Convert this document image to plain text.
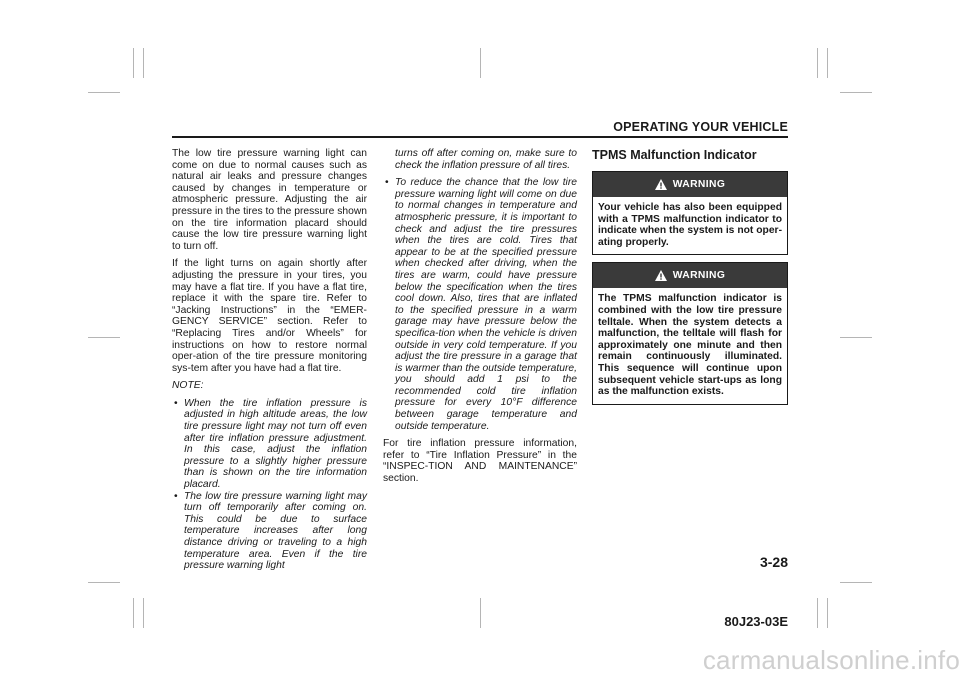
OPERATING YOUR VEHICLE

The low tire pressure warning light can come on due to normal causes such as natural air leaks and pressure changes caused by changes in temperature or atmospheric pressure. Adjusting the air pressure in the tires to the pressure shown on the tire information placard should cause the low tire pressure warning light to turn off.

If the light turns on again shortly after adjusting the pressure in your tires, you may have a flat tire. If you have a flat tire, replace it with the spare tire. Refer to “Jacking Instructions” in the “EMER-GENCY SERVICE” section. Refer to “Replacing Tires and/or Wheels” for instructions on how to restore normal oper-ation of the tire pressure monitoring sys-tem after you have had a flat tire.

NOTE:

• When the tire inflation pressure is adjusted in high altitude areas, the low tire pressure light may not turn off even after tire inflation pressure adjustment. In this case, adjust the inflation pressure to a slightly higher pressure than is shown on the tire information placard.
• The low tire pressure warning light may turn off temporarily after coming on. This could be due to surface temperature increases after long distance driving or traveling to a high temperature area. Even if the tire pressure warning light

turns off after coming on, make sure to check the inflation pressure of all tires.

• To reduce the chance that the low tire pressure warning light will come on due to normal changes in temperature and atmospheric pressure, it is important to check and adjust the tire pressures when the tires are cold. Tires that appear to be at the specified pressure when checked after driving, when the tires are warm, could have pressure below the specification when the tires cool down. Also, tires that are inflated to the specified pressure in a warm garage may have pressure below the specifica-tion when the vehicle is driven outside in very cold temperature. If you adjust the tire pressure in a garage that is warmer than the outside temperature, you should add 1 psi to the recommended cold tire inflation pressure for every 10°F difference between garage temperature and outside temperature.

For tire inflation pressure information, refer to “Tire Inflation Pressure” in the “INSPEC-TION AND MAINTENANCE” section.

TPMS Malfunction Indicator
WARNING
Your vehicle has also been equipped with a TPMS malfunction indicator to indicate when the system is not oper-ating properly.
WARNING
The TPMS malfunction indicator is combined with the low tire pressure telltale. When the system detects a malfunction, the telltale will flash for approximately one minute and then remain continuously illuminated. This sequence will continue upon subsequent vehicle start-ups as long as the malfunction exists.
3-28
80J23-03E
carmanualsonline.info
